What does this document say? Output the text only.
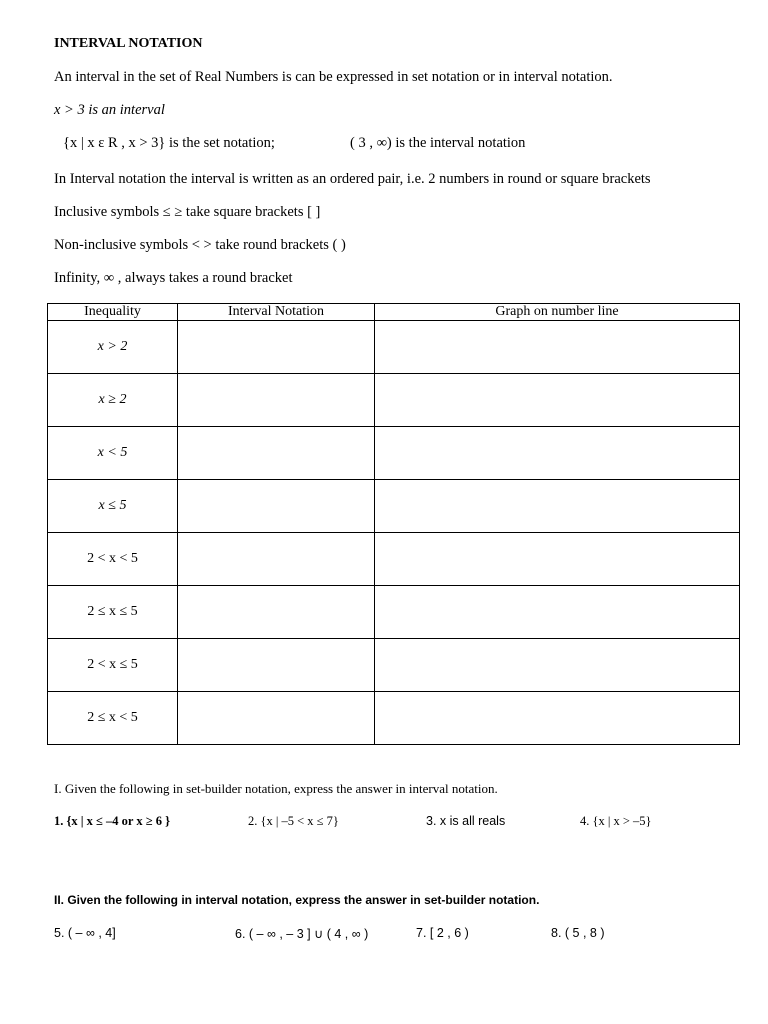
INTERVAL NOTATION
An interval in the set of Real Numbers is can be expressed in set notation or in interval notation.
x > 3 is an interval
{x | x ε R , x > 3} is the set notation;	( 3 , ∞) is the interval notation
In Interval notation the interval is written as an ordered pair, i.e. 2 numbers in round or square brackets
Inclusive symbols ≤ ≥ take square brackets [ ]
Non-inclusive symbols < > take round brackets ( )
Infinity, ∞ , always takes a round bracket
Inequality	Interval Notation	Graph on number line
x > 2		
x ≥ 2		
x < 5		
x ≤ 5		
2 < x < 5		
2 ≤ x ≤ 5		
2 < x ≤ 5		
2 ≤ x < 5		
I. Given the following in set-builder notation, express the answer in interval notation.
1. {x | x ≤ –4 or x ≥ 6 }	2. {x | –5 < x ≤ 7}	3. x is all reals	4. {x | x > –5}
II. Given the following in interval notation, express the answer in set-builder notation.
5. ( – ∞ , 4]	6. ( – ∞ , – 3 ] ∪ ( 4 , ∞ )	7. [ 2 , 6 )	8. ( 5 , 8 )
